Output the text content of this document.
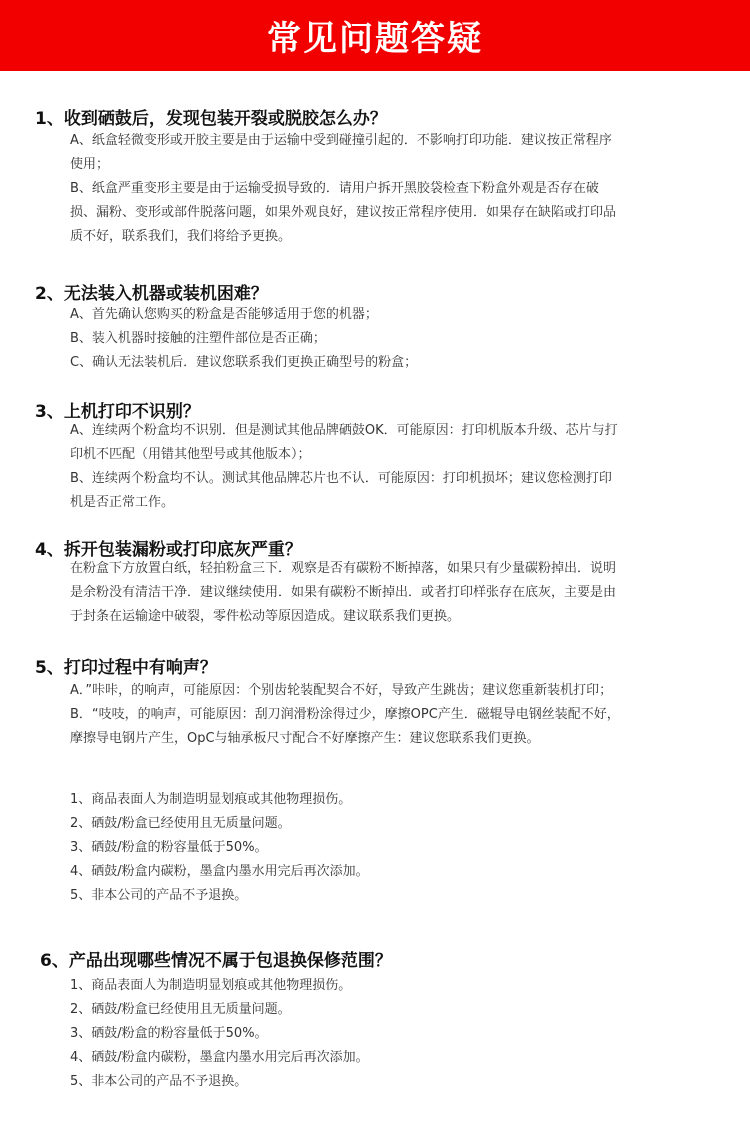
常见问题答疑
1、收到硒鼓后，发现包装开裂或脱胶怎么办？

A、纸盒轻微变形或开胶主要是由于运输中受到碰撞引起的．不影响打印功能．建议按正常程序

使用；

B、纸盒严重变形主要是由于运输受损导致的．请用户拆开黑胶袋检查下粉盒外观是否存在破

损、漏粉、变形或部件脱落问题，如果外观良好，建议按正常程序使用．如果存在缺陷或打印品

质不好，联系我们，我们将给予更换。

2、无法装入机器或装机困难？

A、首先确认您购买的粉盒是否能够适用于您的机器；

B、装入机器时接触的注塑件部位是否正确；

C、确认无法装机后．建议您联系我们更换正确型号的粉盒；

3、上机打印不识别？

A、连续两个粉盒均不识别．但是测试其他品牌硒鼓OK．可能原因：打印机版本升级、芯片与打

印机不匹配（用错其他型号或其他版本）；

B、连续两个粉盒均不认。测试其他品牌芯片也不认．可能原因：打印机损坏；建议您检测打印

机是否正常工作。

4、拆开包装漏粉或打印底灰严重？

在粉盒下方放置白纸，轻拍粉盒三下．观察是否有碳粉不断掉落，如果只有少量碳粉掉出．说明

是余粉没有清洁干净．建议继续使用．如果有碳粉不断掉出．或者打印样张存在底灰，主要是由

于封条在运输途中破裂，零件松动等原因造成。建议联系我们更换。

5、打印过程中有响声？

A．”咔咔，的响声，可能原因：个别齿轮装配契合不好，导致产生跳齿；建议您重新装机打印；

B．“吱吱，的响声，可能原因：刮刀润滑粉涂得过少，摩擦OPC产生．磁辊导电钢丝装配不好，

摩擦导电钢片产生，OpC与轴承板尺寸配合不好摩擦产生：建议您联系我们更换。

1、商品表面人为制造明显划痕或其他物理损伤。

2、硒鼓/粉盒已经使用且无质量问题。

3、硒鼓/粉盒的粉容量低于50%。

4、硒鼓/粉盒内碳粉，墨盒内墨水用完后再次添加。

5、非本公司的产品不予退换。

6、产品出现哪些情况不属于包退换保修范围？

1、商品表面人为制造明显划痕或其他物理损伤。

2、硒鼓/粉盒已经使用且无质量问题。

3、硒鼓/粉盒的粉容量低于50%。

4、硒鼓/粉盒内碳粉，墨盒内墨水用完后再次添加。

5、非本公司的产品不予退换。
